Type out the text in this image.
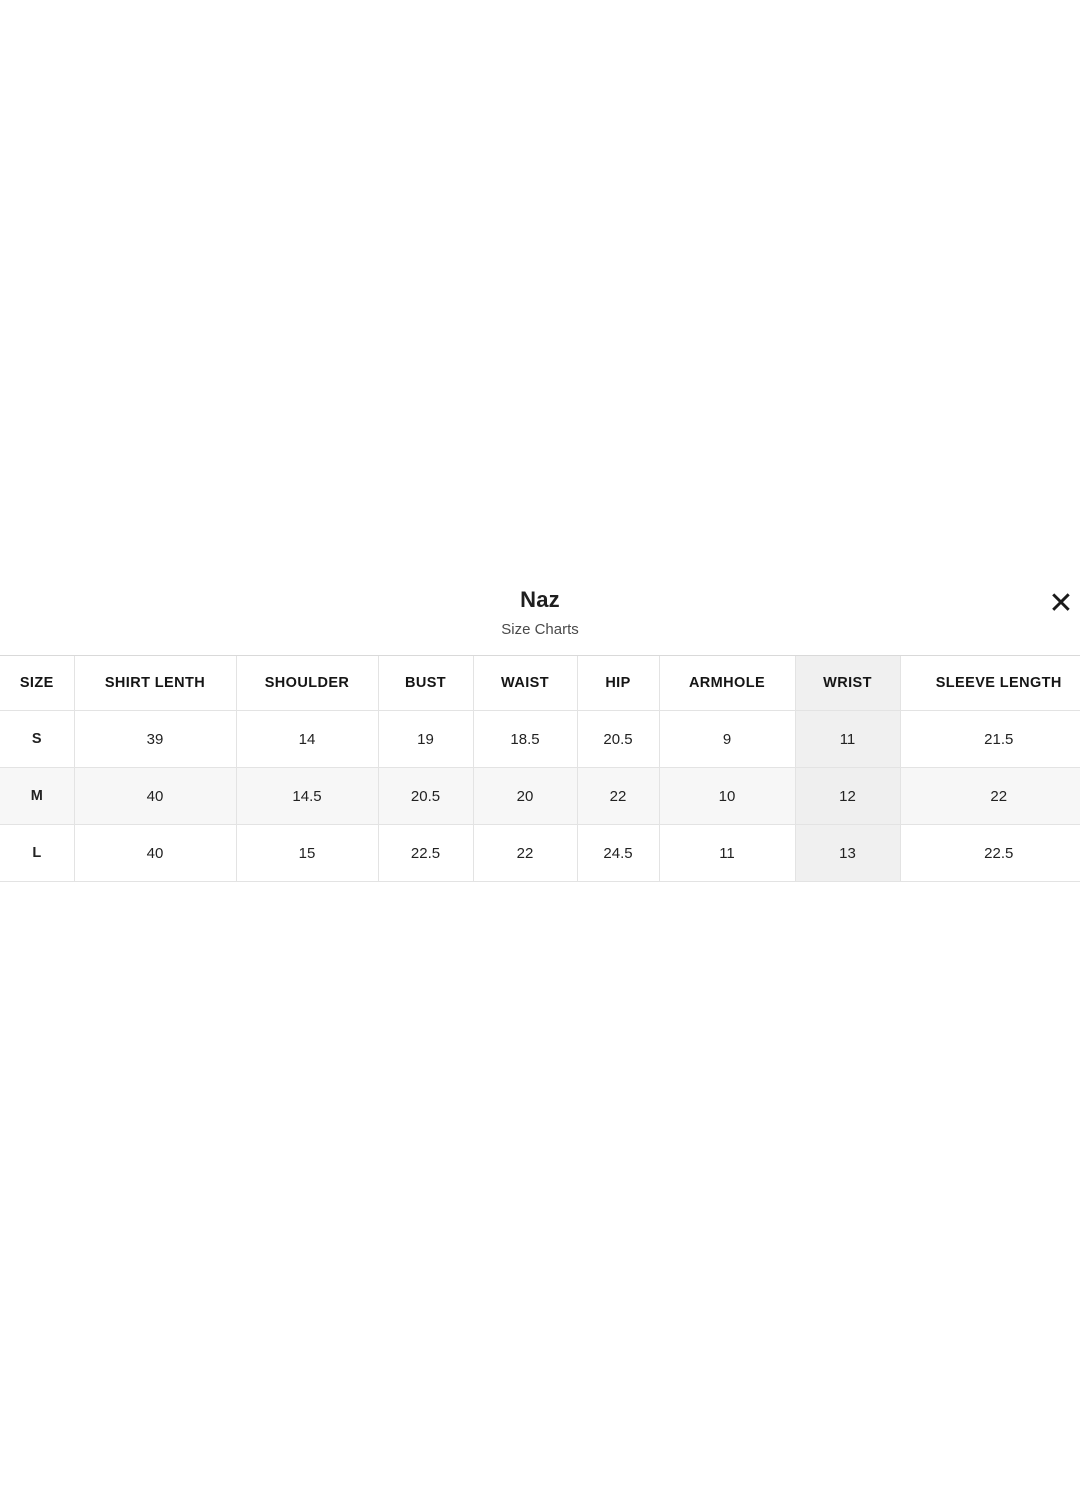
Naz
Size Charts
✕
SIZE	SHIRT LENTH	SHOULDER	BUST	WAIST	HIP	ARMHOLE	WRIST	SLEEVE LENGTH
S	39	14	19	18.5	20.5	9	11	21.5
M	40	14.5	20.5	20	22	10	12	22
L	40	15	22.5	22	24.5	11	13	22.5
